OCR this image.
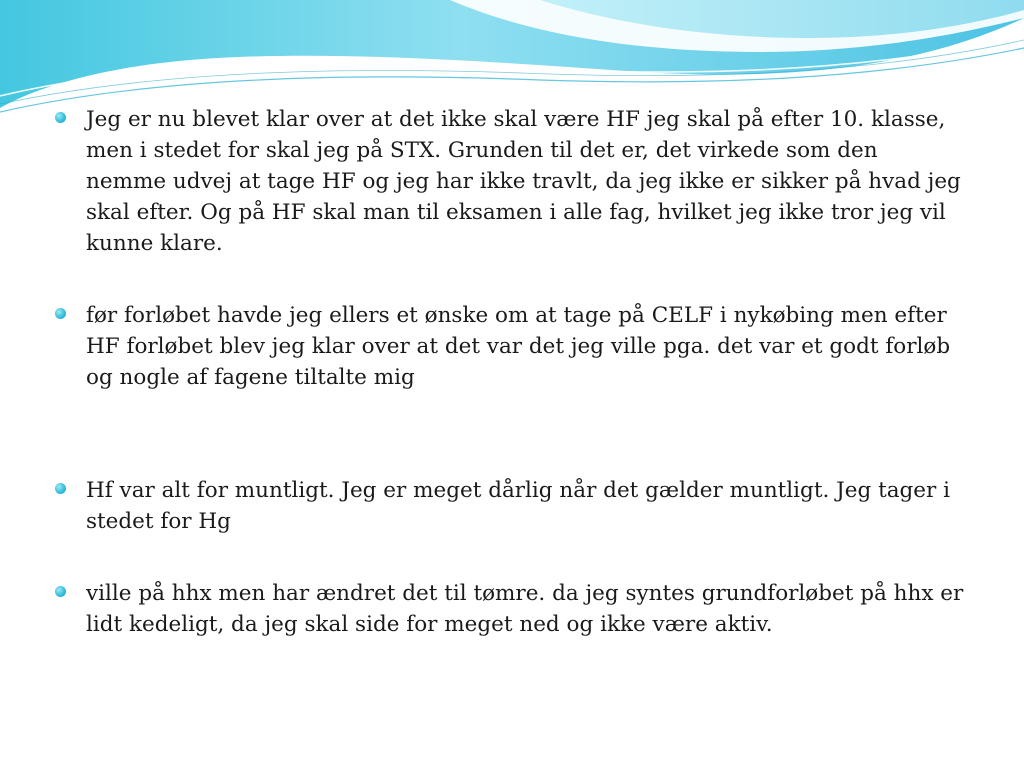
Jeg er nu blevet klar over at det ikke skal være HF jeg skal på efter 10. klasse, men i stedet for skal jeg på STX. Grunden til det er, det virkede som den nemme udvej at tage HF og jeg har ikke travlt, da jeg ikke er sikker på hvad jeg skal efter. Og på HF skal man til eksamen i alle fag, hvilket jeg ikke tror jeg vil kunne klare.
før forløbet havde jeg ellers et ønske om at tage på CELF i nykøbing men efter HF forløbet blev jeg klar over at det var det jeg ville pga. det var et godt forløb og nogle af fagene tiltalte mig
Hf var alt for muntligt. Jeg er meget dårlig når det gælder muntligt. Jeg tager i stedet for Hg
ville på hhx men har ændret det til tømre. da jeg syntes grundforløbet på hhx er lidt kedeligt, da jeg skal side for meget ned og ikke være aktiv.
